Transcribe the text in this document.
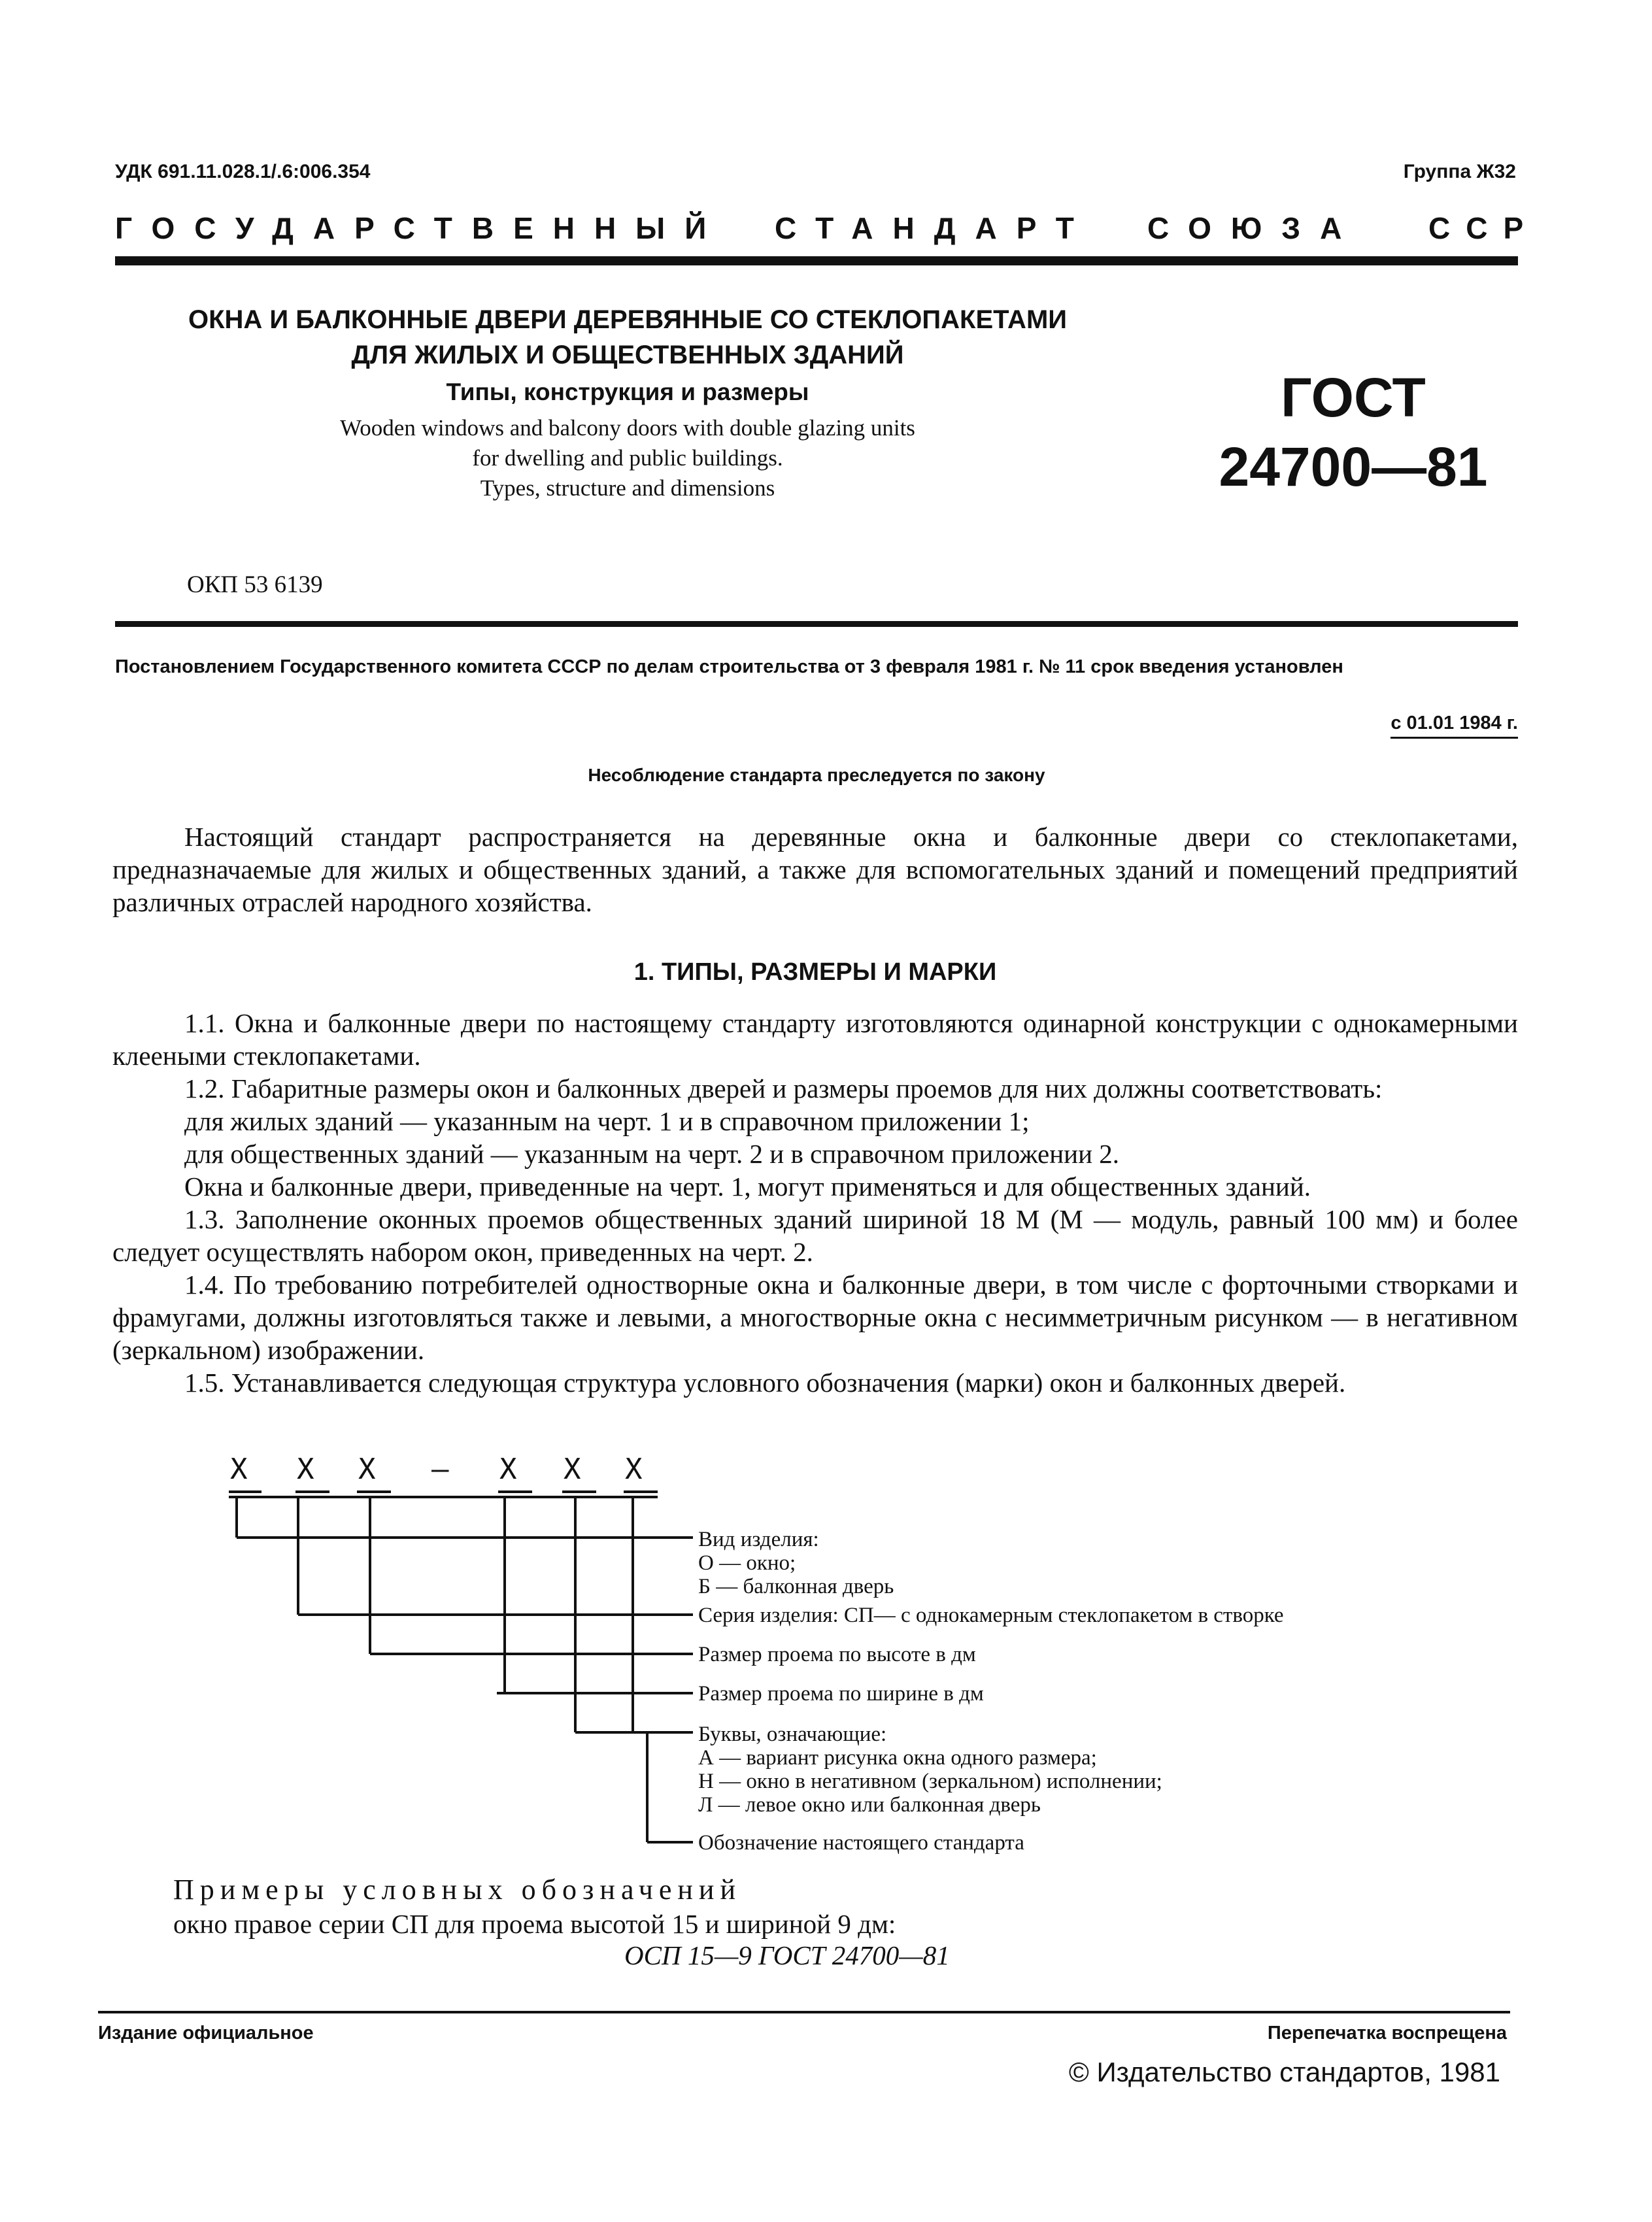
УДК 691.11.028.1/.6:006.354	Группа Ж32
ГОСУДАРСТВЕННЫЙ СТАНДАРТ СОЮЗА ССР
ОКНА И БАЛКОННЫЕ ДВЕРИ ДЕРЕВЯННЫЕ СО СТЕКЛОПАКЕТАМИ
ДЛЯ ЖИЛЫХ И ОБЩЕСТВЕННЫХ ЗДАНИЙ
Типы, конструкция и размеры
Wooden windows and balcony doors with double glazing units
for dwelling and public buildings.
Types, structure and dimensions
ГОСТ
24700—81
ОКП 53 6139
Постановлением Государственного комитета СССР по делам строительства от 3 февраля 1981 г. № 11 срок введения установлен
с 01.01 1984 г.
Несоблюдение стандарта преследуется по закону

Настоящий стандарт распространяется на деревянные окна и балконные двери со стеклопакетами, предназначаемые для жилых и общественных зданий, а также для вспомогательных зданий и помещений предприятий различных отраслей народного хозяйства.

1. ТИПЫ, РАЗМЕРЫ И МАРКИ

1.1. Окна и балконные двери по настоящему стандарту изготовляются одинарной конструкции с однокамерными клееными стеклопакетами.

1.2. Габаритные размеры окон и балконных дверей и размеры проемов для них должны соответствовать:

для жилых зданий — указанным на черт. 1 и в справочном приложении 1;

для общественных зданий — указанным на черт. 2 и в справочном приложении 2.

Окна и балконные двери, приведенные на черт. 1, могут применяться и для общественных зданий.

1.3. Заполнение оконных проемов общественных зданий шириной 18 М (М — модуль, равный 100 мм) и более следует осуществлять набором окон, приведенных на черт. 2.

1.4. По требованию потребителей одностворные окна и балконные двери, в том числе с форточными створками и фрамугами, должны изготовляться также и левыми, а многостворные окна с несимметричным рисунком — в негативном (зеркальном) изображении.

1.5. Устанавливается следующая структура условного обозначения (марки) окон и балконных дверей.

Х Х Х — Х Х Х
Вид изделия:
О — окно;
Б — балконная дверь
Серия изделия: СП— с однокамерным стеклопакетом в створке
Размер проема по высоте в дм
Размер проема по ширине в дм
Буквы, означающие:
А — вариант рисунка окна одного размера;
Н — окно в негативном (зеркальном) исполнении;
Л — левое окно или балконная дверь
Обозначение настоящего стандарта
Примеры условных обозначений
окно правое серии СП для проема высотой 15 и шириной 9 дм:
ОСП 15—9 ГОСТ 24700—81
Издание официальное	Перепечатка воспрещена
© Издательство стандартов, 1981
